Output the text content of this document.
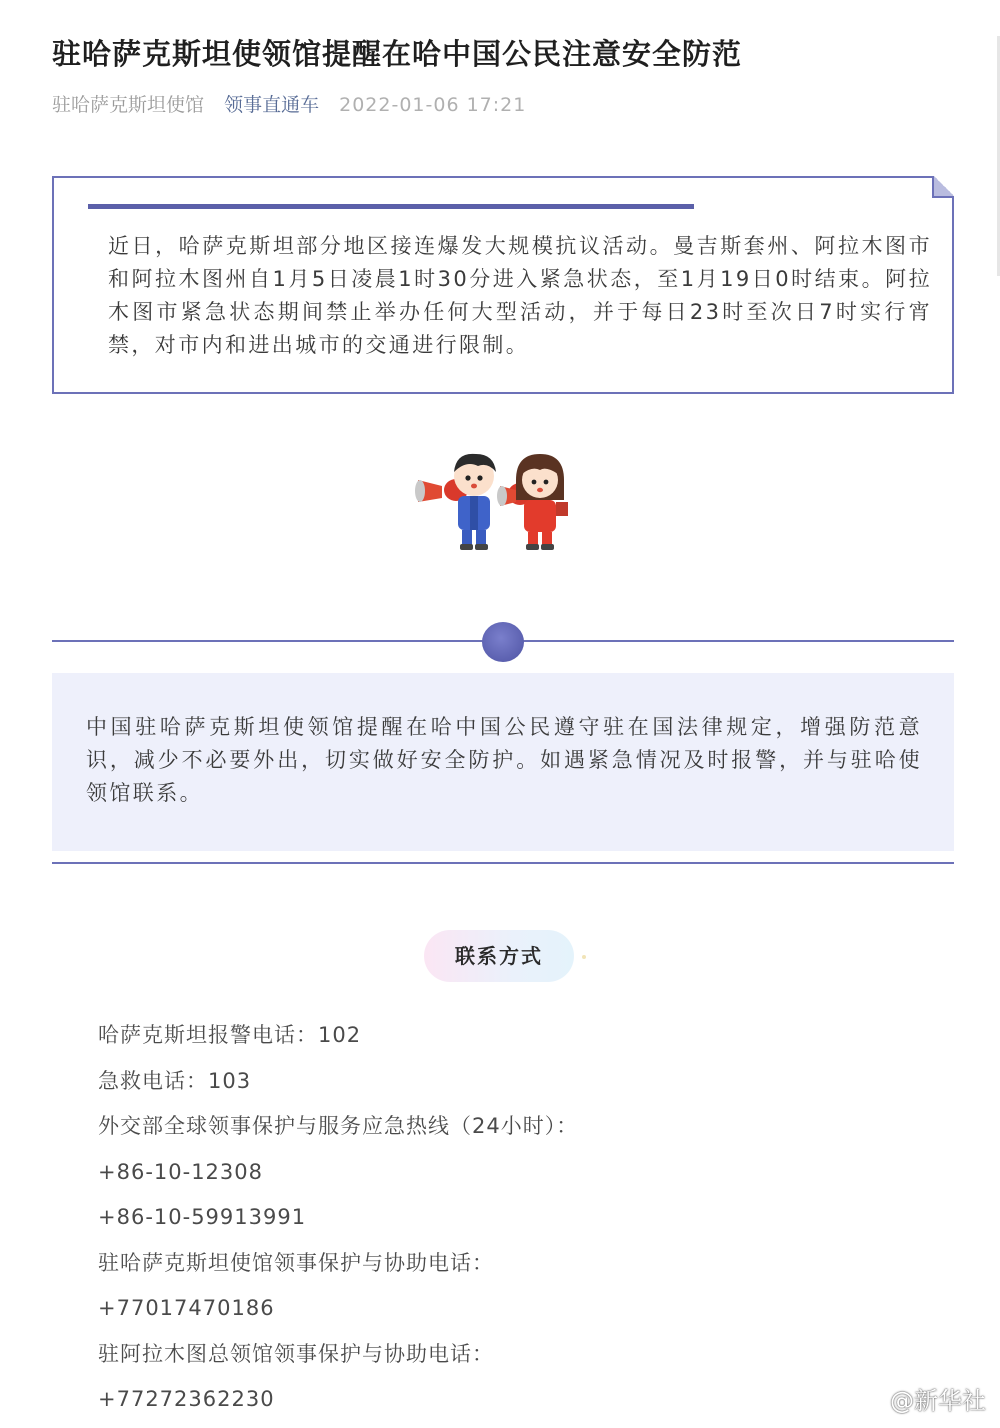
驻哈萨克斯坦使领馆提醒在哈中国公民注意安全防范
驻哈萨克斯坦使馆 领事直通车 2022-01-06 17:21
近日，哈萨克斯坦部分地区接连爆发大规模抗议活动。曼吉斯套州、阿拉木图市和阿拉木图州自1月5日凌晨1时30分进入紧急状态，至1月19日0时结束。阿拉木图市紧急状态期间禁止举办任何大型活动，并于每日23时至次日7时实行宵禁，对市内和进出城市的交通进行限制。
中国驻哈萨克斯坦使领馆提醒在哈中国公民遵守驻在国法律规定，增强防范意识，减少不必要外出，切实做好安全防护。如遇紧急情况及时报警，并与驻哈使领馆联系。
联系方式
哈萨克斯坦报警电话：102
急救电话：103
外交部全球领事保护与服务应急热线（24小时）：
+86-10-12308
+86-10-59913991
驻哈萨克斯坦使馆领事保护与协助电话：
+77017470186
驻阿拉木图总领馆领事保护与协助电话：
+77272362230	@新华社
